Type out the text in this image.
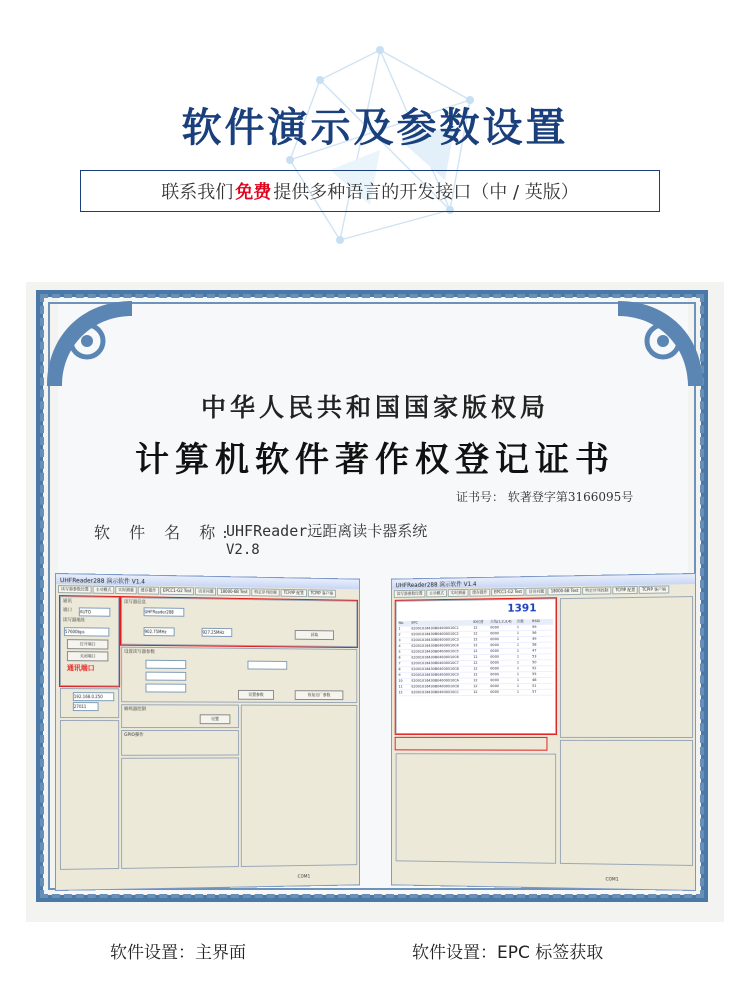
软件演示及参数设置
联系我们 免费 提供多种语言的开发接口（中 / 英版）
中华人民共和国国家版权局
计算机软件著作权登记证书
证书号： 软著登字第3166095号
软 件 名 称:
UHFReader远距离读卡器系统
V2.8
UHFReader288 演示软件 V1.4
读写器参数设置	主动模式	实时测量	缓存操作	EPCC1-G2 Test	话音问题	18000-6B Test	特定序列控制	TCP/IP 配置	TCPIP 客户端
通讯
端口 AUTO
读写器地址
57600bps
打开端口
关闭端口
通讯端口
192.168.0.250
27011
读写器信息
UHFReader288
902.75MHz	927.25MHz	获取
设置读写器参数
设置参数	恢复出厂参数
蜂鸣器控制
设置
GPIO操作
COM1
UHFReader288 演示软件 V1.4
读写器参数设置	主动模式	实时测量	缓存操作	EPCC1-G2 Test	话音问题	18000-6B Test	特定序列控制	TCPIP 配置	TCPIP 客户端
1391
No.	EPC	ID长度	天线(1,2,3,4)	次数	RSSI
1	E2001016430B04000010C1	12	0000	1	59
2	E2001016430B04000010C2	12	0000	1	56
3	E2001016430B04000010C3	12	0000	1	49
4	E2001016430B04000010C4	12	0000	1	58
5	E2001016430B04000010C5	12	0000	1	47
6	E2001016430B04000010C6	12	0000	1	53
7	E2001016430B04000010C7	12	0000	1	50
8	E2001016430B04000010C8	12	0000	1	52
9	E2001016430B04000010C9	12	0000	1	55
10	E2001016430B04000010CA	12	0000	1	48
11	E2001016430B04000010CB	12	0000	1	51
12	E2001016430B04000010CC	12	0000	1	57
COM1
软件设置：主界面	软件设置：EPC 标签获取
